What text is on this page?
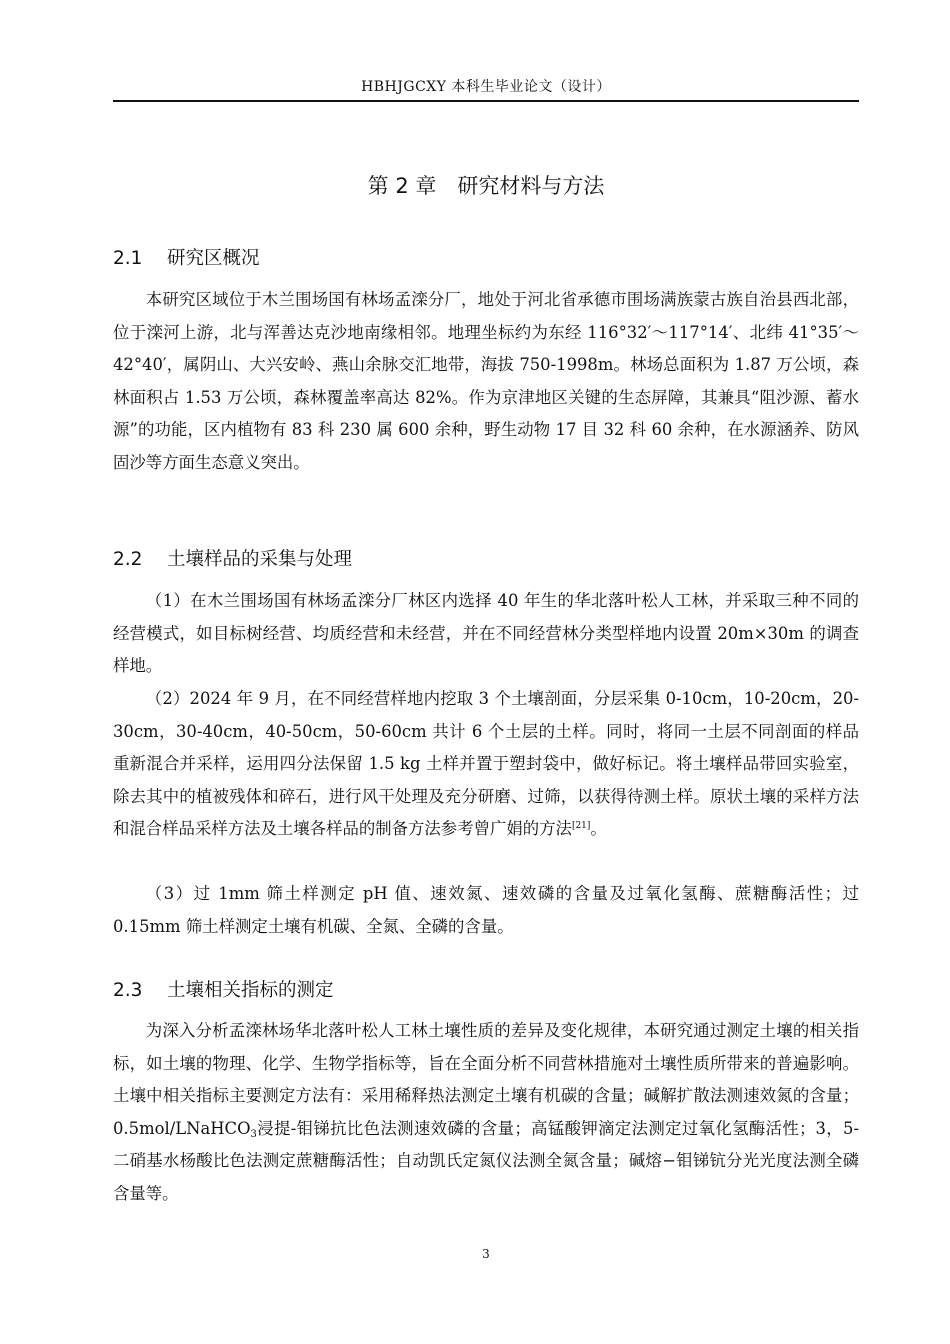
HBHJGCXY 本科生毕业论文（设计）
第 2 章　研究材料与方法
2.1 研究区概况

本研究区域位于木兰围场国有林场孟滦分厂，地处于河北省承德市围场满族蒙古族自治县西北部，位于滦河上游，北与浑善达克沙地南缘相邻。地理坐标约为东经 116°32′～117°14′、北纬 41°35′～42°40′，属阴山、大兴安岭、燕山余脉交汇地带，海拔 750-1998m。林场总面积为 1.87 万公顷，森林面积占 1.53 万公顷，森林覆盖率高达 82%。作为京津地区关键的生态屏障，其兼具“阻沙源、蓄水源”的功能，区内植物有 83 科 230 属 600 余种，野生动物 17 目 32 科 60 余种，在水源涵养、防风固沙等方面生态意义突出。

2.2 土壤样品的采集与处理

（1）在木兰围场国有林场孟滦分厂林区内选择 40 年生的华北落叶松人工林，并采取三种不同的经营模式，如目标树经营、均质经营和未经营，并在不同经营林分类型样地内设置 20m×30m 的调查样地。

（2）2024 年 9 月，在不同经营样地内挖取 3 个土壤剖面，分层采集 0-10cm，10-20cm，20-30cm，30-40cm，40-50cm，50-60cm 共计 6 个土层的土样。同时，将同一土层不同剖面的样品重新混合并采样，运用四分法保留 1.5 kg 土样并置于塑封袋中，做好标记。将土壤样品带回实验室，除去其中的植被残体和碎石，进行风干处理及充分研磨、过筛，以获得待测土样。原状土壤的采样方法和混合样品采样方法及土壤各样品的制备方法参考曾广娟的方法[21]。

（3）过 1mm 筛土样测定 pH 值、速效氮、速效磷的含量及过氧化氢酶、蔗糖酶活性；过 0.15mm 筛土样测定土壤有机碳、全氮、全磷的含量。

2.3 土壤相关指标的测定

为深入分析孟滦林场华北落叶松人工林土壤性质的差异及变化规律，本研究通过测定土壤的相关指标，如土壤的物理、化学、生物学指标等，旨在全面分析不同营林措施对土壤性质所带来的普遍影响。土壤中相关指标主要测定方法有：采用稀释热法测定土壤有机碳的含量；碱解扩散法测速效氮的含量；0.5mol/LNaHCO$_3$浸提-钼锑抗比色法测速效磷的含量；高锰酸钾滴定法测定过氧化氢酶活性；3，5-二硝基水杨酸比色法测定蔗糖酶活性；自动凯氏定氮仪法测全氮含量；碱熔−钼锑钪分光光度法测全磷含量等。

3
